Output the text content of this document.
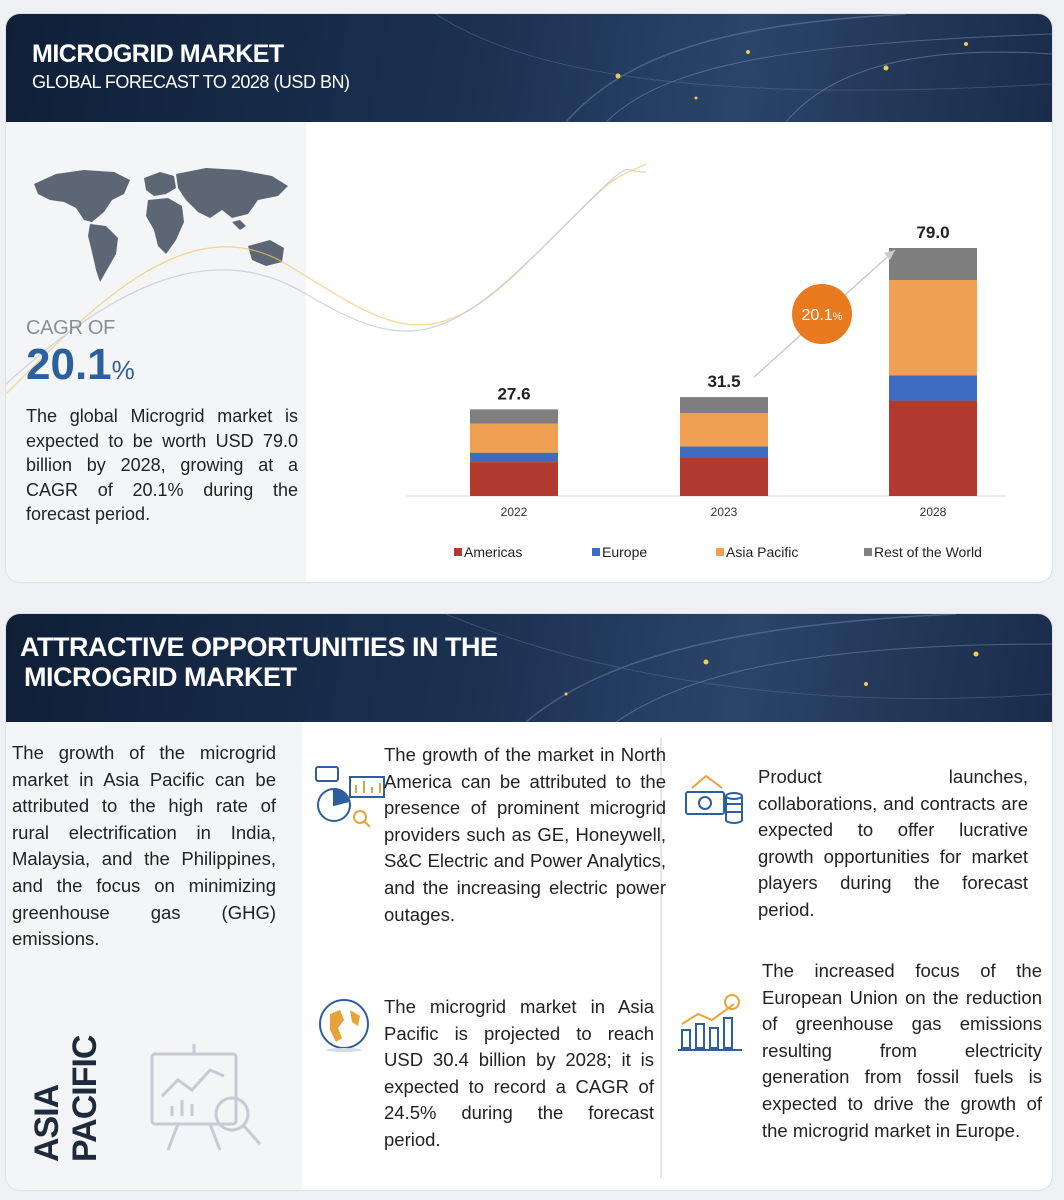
MICROGRID MARKET
GLOBAL FORECAST TO 2028 (USD BN)
CAGR OF
20.1%
The global Microgrid market is expected to be worth USD 79.0 billion by 2028, growing at a CAGR of 20.1% during the forecast period.
27.6
31.5
79.0
2022	2023	2028
Americas	Europe	Asia Pacific	Rest of the World
20.1%
ATTRACTIVE OPPORTUNITIES IN THE
MICROGRID MARKET
The growth of the microgrid market in Asia Pacific can be attributed to the high rate of rural electrification in India, Malaysia, and the Philippines, and the focus on minimizing greenhouse gas (GHG) emissions.
ASIA PACIFIC
The growth of the market in North America can be attributed to the presence of prominent microgrid providers such as GE, Honeywell, S&C Electric and Power Analytics, and the increasing electric power outages.
The microgrid market in Asia Pacific is projected to reach USD 30.4 billion by 2028; it is expected to record a CAGR of 24.5% during the forecast period.
Product launches, collaborations, and contracts are expected to offer lucrative growth opportunities for market players during the forecast period.
The increased focus of the European Union on the reduction of greenhouse gas emissions resulting from electricity generation from fossil fuels is expected to drive the growth of the microgrid market in Europe.
